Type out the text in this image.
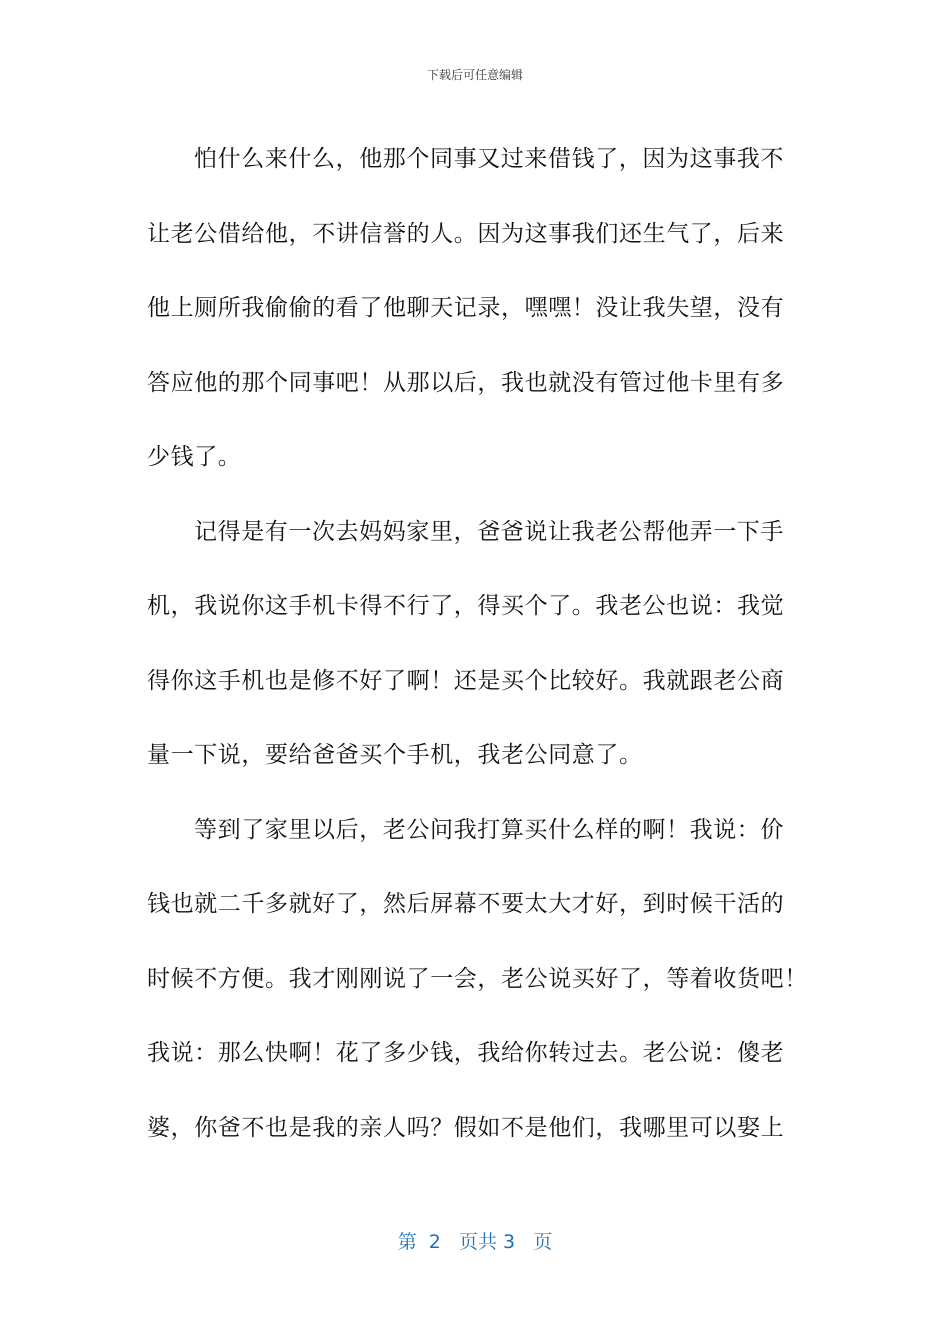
下载后可任意编辑

怕什么来什么，他那个同事又过来借钱了，因为这事我不
让老公借给他，不讲信誉的人。因为这事我们还生气了，后来
他上厕所我偷偷的看了他聊天记录，嘿嘿！没让我失望，没有
答应他的那个同事吧！从那以后，我也就没有管过他卡里有多
少钱了。

记得是有一次去妈妈家里，爸爸说让我老公帮他弄一下手
机，我说你这手机卡得不行了，得买个了。我老公也说：我觉
得你这手机也是修不好了啊！还是买个比较好。我就跟老公商
量一下说，要给爸爸买个手机，我老公同意了。

等到了家里以后，老公问我打算买什么样的啊！我说：价
钱也就二千多就好了，然后屏幕不要太大才好，到时候干活的
时候不方便。我才刚刚说了一会，老公说买好了，等着收货吧！
我说：那么快啊！花了多少钱，我给你转过去。老公说：傻老
婆，你爸不也是我的亲人吗？假如不是他们，我哪里可以娶上

第  2   页共 3   页
